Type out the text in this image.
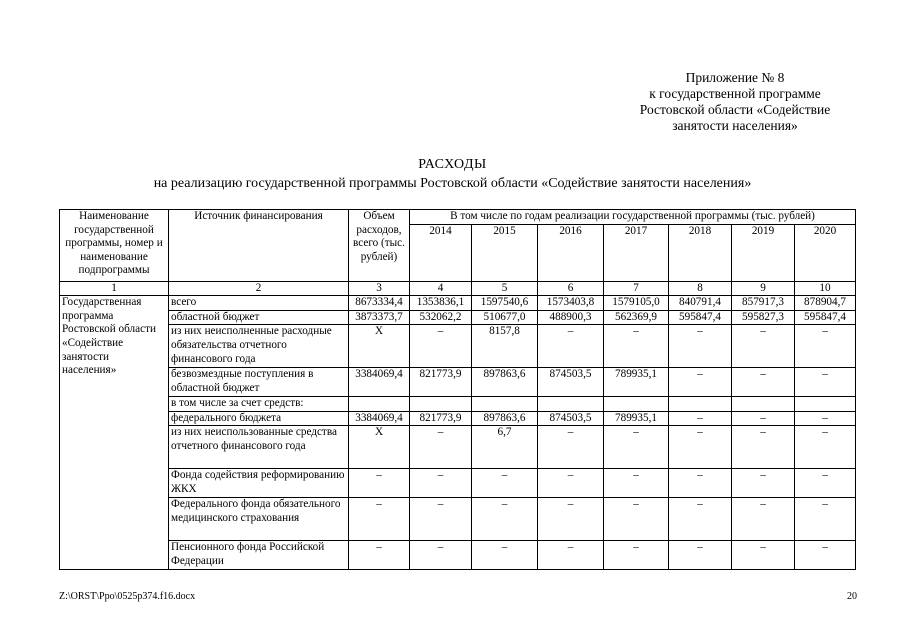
Приложение № 8
к государственной программе
Ростовской области «Содействие
занятости населения»
РАСХОДЫ
на реализацию государственной программы Ростовской области «Содействие занятости населения»
Наименование государственной программы, номер и наименование подпрограммы	Источник финансирования	Объем расходов, всего (тыс. рублей)	В том числе по годам реализации государственной программы (тыс. рублей)						
			2014	2015	2016	2017	2018	2019	2020
1	2	3	4	5	6	7	8	9	10
Государственная программа Ростовской области «Содействие занятости населения»	всего	8673334,4	1353836,1	1597540,6	1573403,8	1579105,0	840791,4	857917,3	878904,7
	областной бюджет	3873373,7	532062,2	510677,0	488900,3	562369,9	595847,4	595827,3	595847,4
	из них неисполненные расходные обязательства отчетного финансового года	X	–	8157,8	–	–	–	–	–
	безвозмездные поступления в областной бюджет	3384069,4	821773,9	897863,6	874503,5	789935,1	–	–	–
	в том числе за счет средств:								
	федерального бюджета	3384069,4	821773,9	897863,6	874503,5	789935,1	–	–	–
	из них неиспользованные средства отчетного финансового года	X	–	6,7	–	–	–	–	–
	Фонда содействия реформированию ЖКХ	–	–	–	–	–	–	–	–
	Федерального фонда обязательного медицинского страхования	–	–	–	–	–	–	–	–
	Пенсионного фонда Российской Федерации	–	–	–	–	–	–	–	–
Z:\ORST\Ppo\0525p374.f16.docx	20
